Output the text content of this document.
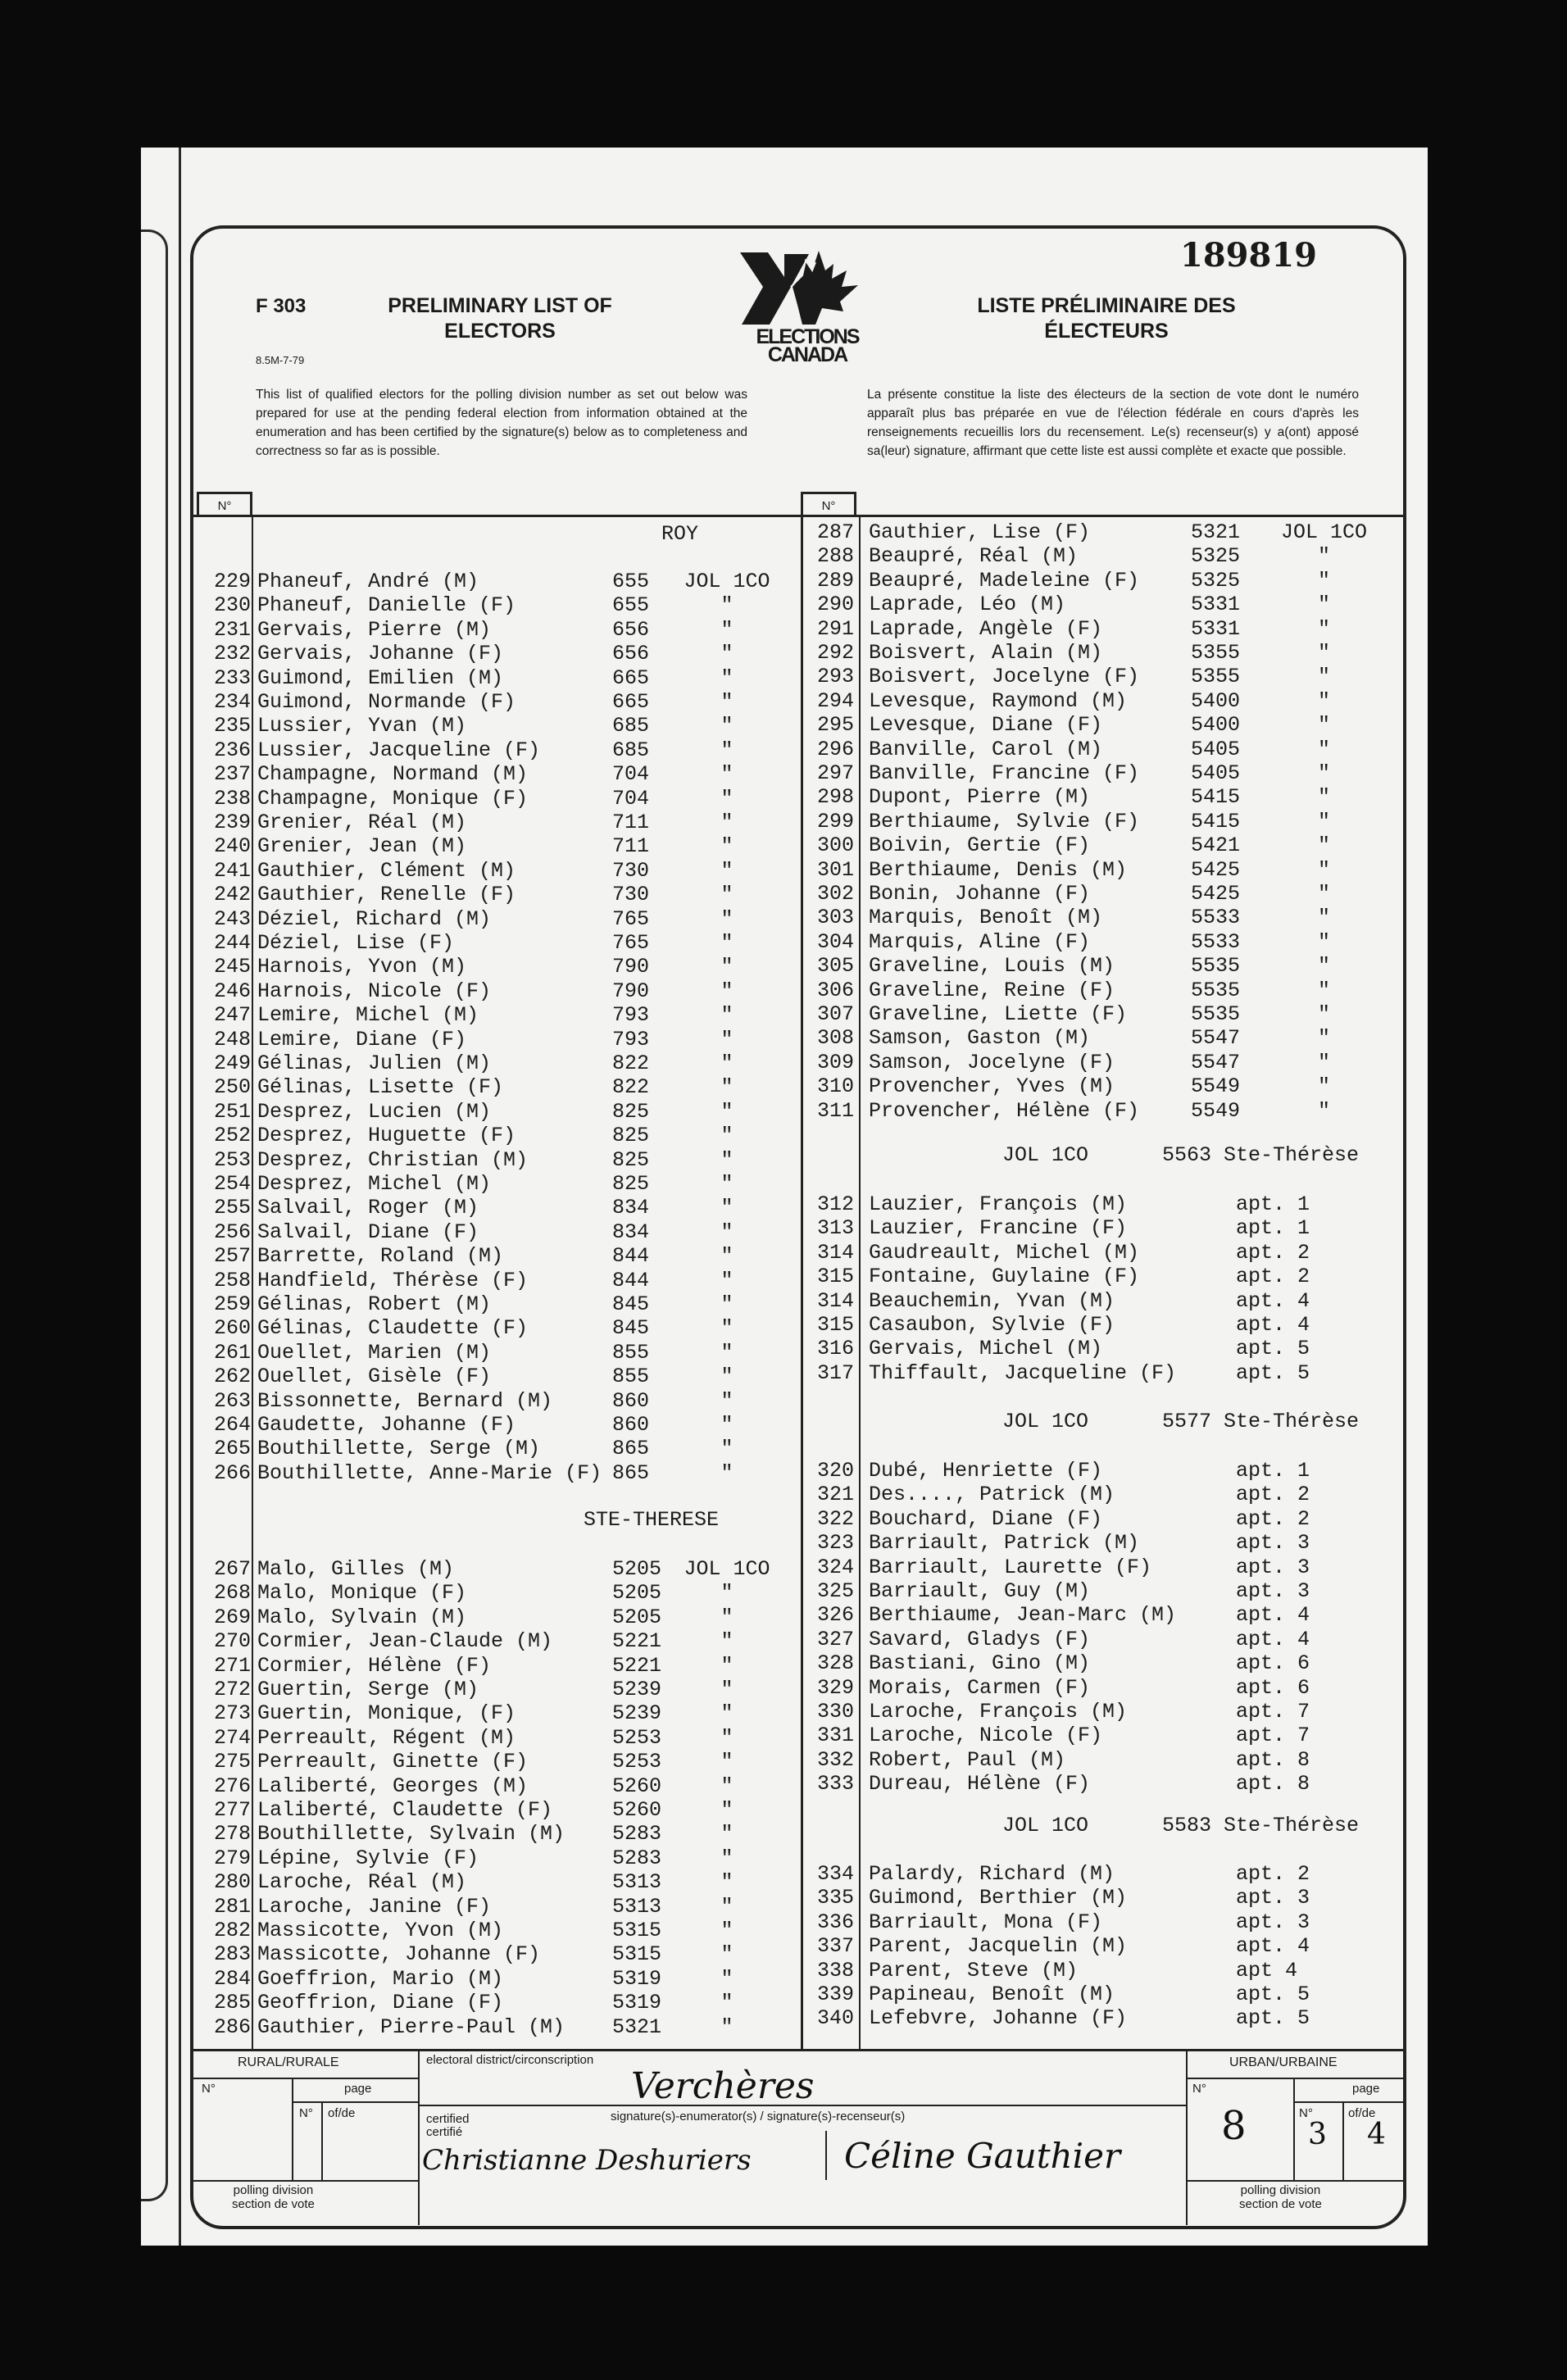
189819
F 303
8.5M-7-79
PRELIMINARY LIST OF
ELECTORS
LISTE PRÉLIMINAIRE DES
ÉLECTEURS
ELECTIONS
CANADA
This list of qualified electors for the polling division number as set out below was prepared for use at the pending federal election from information obtained at the enumeration and has been certified by the signature(s) below as to completeness and correctness so far as is possible.
La présente constitue la liste des électeurs de la section de vote dont le numéro apparaît plus bas préparée en vue de l'élection fédérale en cours d'après les renseignements recueillis lors du recensement. Le(s) recenseur(s) y a(ont) apposé sa(leur) signature, affirmant que cette liste est aussi complète et exacte que possible.
N°	N°
ROY
229 Phaneuf, André (M)	655	JOL 1CO
230 Phaneuf, Danielle (F)	655	"
231 Gervais, Pierre (M)	656	"
232 Gervais, Johanne (F)	656	"
233 Guimond, Emilien (M)	665	"
234 Guimond, Normande (F)	665	"
235 Lussier, Yvan (M)	685	"
236 Lussier, Jacqueline (F)	685	"
237 Champagne, Normand (M)	704	"
238 Champagne, Monique (F)	704	"
239 Grenier, Réal (M)	711	"
240 Grenier, Jean (M)	711	"
241 Gauthier, Clément (M)	730	"
242 Gauthier, Renelle (F)	730	"
243 Déziel, Richard (M)	765	"
244 Déziel, Lise (F)	765	"
245 Harnois, Yvon (M)	790	"
246 Harnois, Nicole (F)	790	"
247 Lemire, Michel (M)	793	"
248 Lemire, Diane (F)	793	"
249 Gélinas, Julien (M)	822	"
250 Gélinas, Lisette (F)	822	"
251 Desprez, Lucien (M)	825	"
252 Desprez, Huguette (F)	825	"
253 Desprez, Christian (M)	825	"
254 Desprez, Michel (M)	825	"
255 Salvail, Roger (M)	834	"
256 Salvail, Diane (F)	834	"
257 Barrette, Roland (M)	844	"
258 Handfield, Thérèse (F)	844	"
259 Gélinas, Robert (M)	845	"
260 Gélinas, Claudette (F)	845	"
261 Ouellet, Marien (M)	855	"
262 Ouellet, Gisèle (F)	855	"
263 Bissonnette, Bernard (M)	860	"
264 Gaudette, Johanne (F)	860	"
265 Bouthillette, Serge (M)	865	"
266 Bouthillette, Anne-Marie (F) 865	"
STE-THERESE
267 Malo, Gilles (M)	5205	JOL 1CO
268 Malo, Monique (F)	5205	"
269 Malo, Sylvain (M)	5205	"
270 Cormier, Jean-Claude (M)	5221	"
271 Cormier, Hélène (F)	5221	"
272 Guertin, Serge (M)	5239	"
273 Guertin, Monique, (F)	5239	"
274 Perreault, Régent (M)	5253	"
275 Perreault, Ginette (F)	5253	"
276 Laliberté, Georges (M)	5260	"
277 Laliberté, Claudette (F)	5260	"
278 Bouthillette, Sylvain (M)	5283	"
279 Lépine, Sylvie (F)	5283	"
280 Laroche, Réal (M)	5313	"
281 Laroche, Janine (F)	5313	"
282 Massicotte, Yvon (M)	5315	"
283 Massicotte, Johanne (F)	5315	"
284 Goeffrion, Mario (M)	5319	"
285 Geoffrion, Diane (F)	5319	"
286 Gauthier, Pierre-Paul (M)	5321	"
287 Gauthier, Lise (F)	5321	JOL 1CO
288 Beaupré, Réal (M)	5325	"
289 Beaupré, Madeleine (F)	5325	"
290 Laprade, Léo (M)	5331	"
291 Laprade, Angèle (F)	5331	"
292 Boisvert, Alain (M)	5355	"
293 Boisvert, Jocelyne (F)	5355	"
294 Levesque, Raymond (M)	5400	"
295 Levesque, Diane (F)	5400	"
296 Banville, Carol (M)	5405	"
297 Banville, Francine (F)	5405	"
298 Dupont, Pierre (M)	5415	"
299 Berthiaume, Sylvie (F)	5415	"
300 Boivin, Gertie (F)	5421	"
301 Berthiaume, Denis (M)	5425	"
302 Bonin, Johanne (F)	5425	"
303 Marquis, Benoît (M)	5533	"
304 Marquis, Aline (F)	5533	"
305 Graveline, Louis (M)	5535	"
306 Graveline, Reine (F)	5535	"
307 Graveline, Liette (F)	5535	"
308 Samson, Gaston (M)	5547	"
309 Samson, Jocelyne (F)	5547	"
310 Provencher, Yves (M)	5549	"
311 Provencher, Hélène (F)	5549	"
JOL 1CO	5563 Ste-Thérèse
312 Lauzier, François (M)	apt. 1
313 Lauzier, Francine (F)	apt. 1
314 Gaudreault, Michel (M)	apt. 2
315 Fontaine, Guylaine (F)	apt. 2
314 Beauchemin, Yvan (M)	apt. 4
315 Casaubon, Sylvie (F)	apt. 4
316 Gervais, Michel (M)	apt. 5
317 Thiffault, Jacqueline (F)	apt. 5
JOL 1CO	5577 Ste-Thérèse
320 Dubé, Henriette (F)	apt. 1
321 Des...., Patrick (M)	apt. 2
322 Bouchard, Diane (F)	apt. 2
323 Barriault, Patrick (M)	apt. 3
324 Barriault, Laurette (F)	apt. 3
325 Barriault, Guy (M)	apt. 3
326 Berthiaume, Jean-Marc (M)	apt. 4
327 Savard, Gladys (F)	apt. 4
328 Bastiani, Gino (M)	apt. 6
329 Morais, Carmen (F)	apt. 6
330 Laroche, François (M)	apt. 7
331 Laroche, Nicole (F)	apt. 7
332 Robert, Paul (M)	apt. 8
333 Dureau, Hélène (F)	apt. 8
JOL 1CO	5583 Ste-Thérèse
334 Palardy, Richard (M)	apt. 2
335 Guimond, Berthier (M)	apt. 3
336 Barriault, Mona (F)	apt. 3
337 Parent, Jacquelin (M)	apt. 4
338 Parent, Steve (M)	apt 4
339 Papineau, Benoît (M)	apt. 5
340 Lefebvre, Johanne (F)	apt. 5
RURAL/RURALE
N°	page
N° of/de
polling division
section de vote
electoral district/circonscription
Verchères
certified
certifié
signature(s)-enumerator(s) / signature(s)-recenseur(s)
Christianne Deshuriers	Céline Gauthier
URBAN/URBAINE
N°
8
page
N°
3
of/de
4
polling division
section de vote
